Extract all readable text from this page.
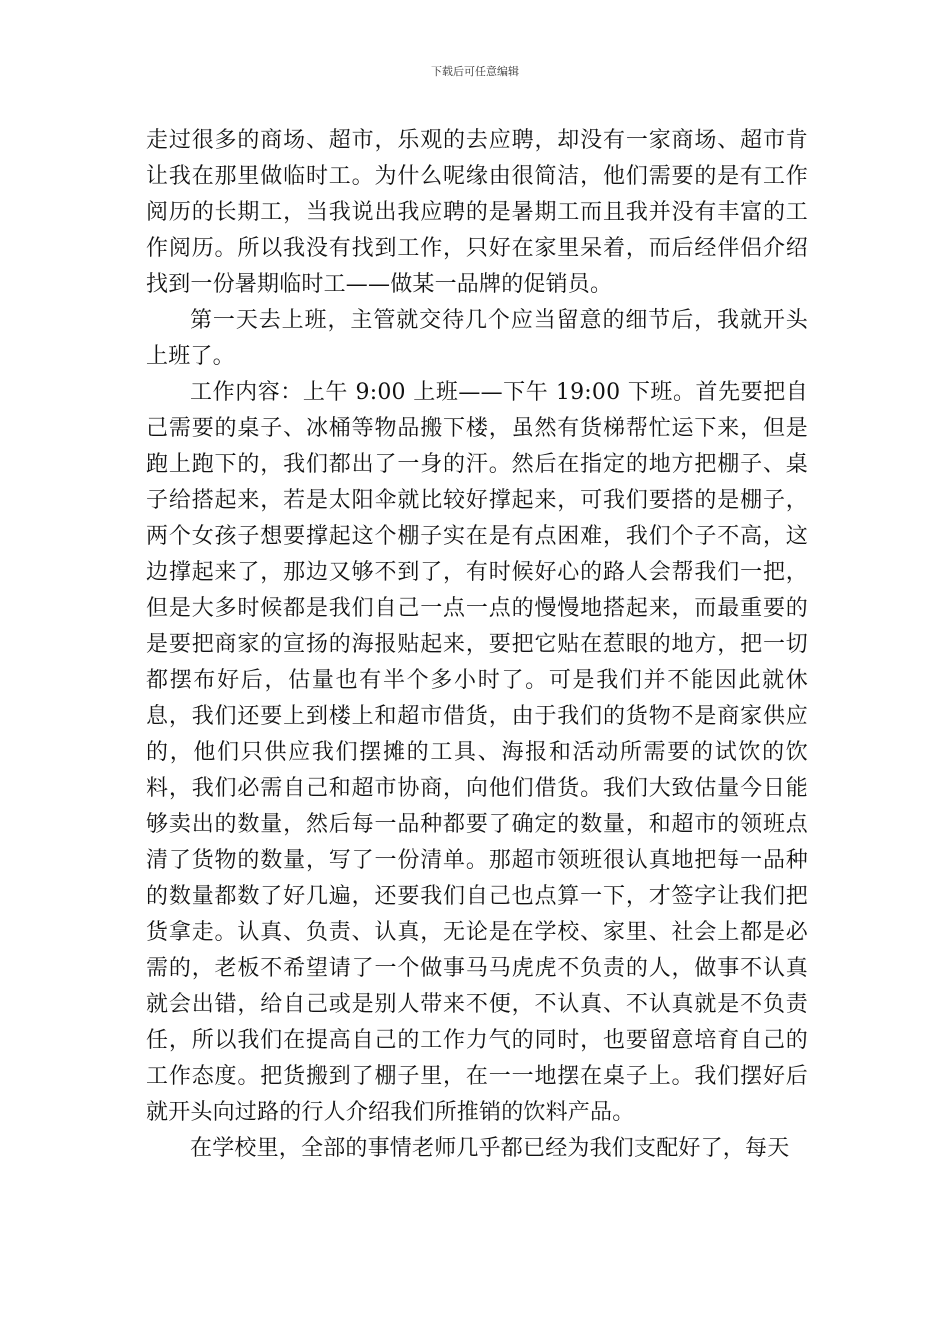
下载后可任意编辑

走过很多的商场、超市，乐观的去应聘，却没有一家商场、超市肯让我在那里做临时工。为什么呢缘由很简洁，他们需要的是有工作阅历的长期工，当我说出我应聘的是暑期工而且我并没有丰富的工作阅历。所以我没有找到工作，只好在家里呆着，而后经伴侣介绍找到一份暑期临时工——做某一品牌的促销员。

第一天去上班，主管就交待几个应当留意的细节后，我就开头上班了。

工作内容：上午 9:00 上班——下午 19:00 下班。首先要把自己需要的桌子、冰桶等物品搬下楼，虽然有货梯帮忙运下来，但是跑上跑下的，我们都出了一身的汗。然后在指定的地方把棚子、桌子给搭起来，若是太阳伞就比较好撑起来，可我们要搭的是棚子，两个女孩子想要撑起这个棚子实在是有点困难，我们个子不高，这边撑起来了，那边又够不到了，有时候好心的路人会帮我们一把，但是大多时候都是我们自己一点一点的慢慢地搭起来，而最重要的是要把商家的宣扬的海报贴起来，要把它贴在惹眼的地方，把一切都摆布好后，估量也有半个多小时了。可是我们并不能因此就休息，我们还要上到楼上和超市借货，由于我们的货物不是商家供应的，他们只供应我们摆摊的工具、海报和活动所需要的试饮的饮料，我们必需自己和超市协商，向他们借货。我们大致估量今日能够卖出的数量，然后每一品种都要了确定的数量，和超市的领班点清了货物的数量，写了一份清单。那超市领班很认真地把每一品种的数量都数了好几遍，还要我们自己也点算一下，才签字让我们把货拿走。认真、负责、认真，无论是在学校、家里、社会上都是必需的，老板不希望请了一个做事马马虎虎不负责的人，做事不认真就会出错，给自己或是别人带来不便，不认真、不认真就是不负责任，所以我们在提高自己的工作力气的同时，也要留意培育自己的工作态度。把货搬到了棚子里，在一一地摆在桌子上。我们摆好后就开头向过路的行人介绍我们所推销的饮料产品。

在学校里，全部的事情老师几乎都已经为我们支配好了，每天
